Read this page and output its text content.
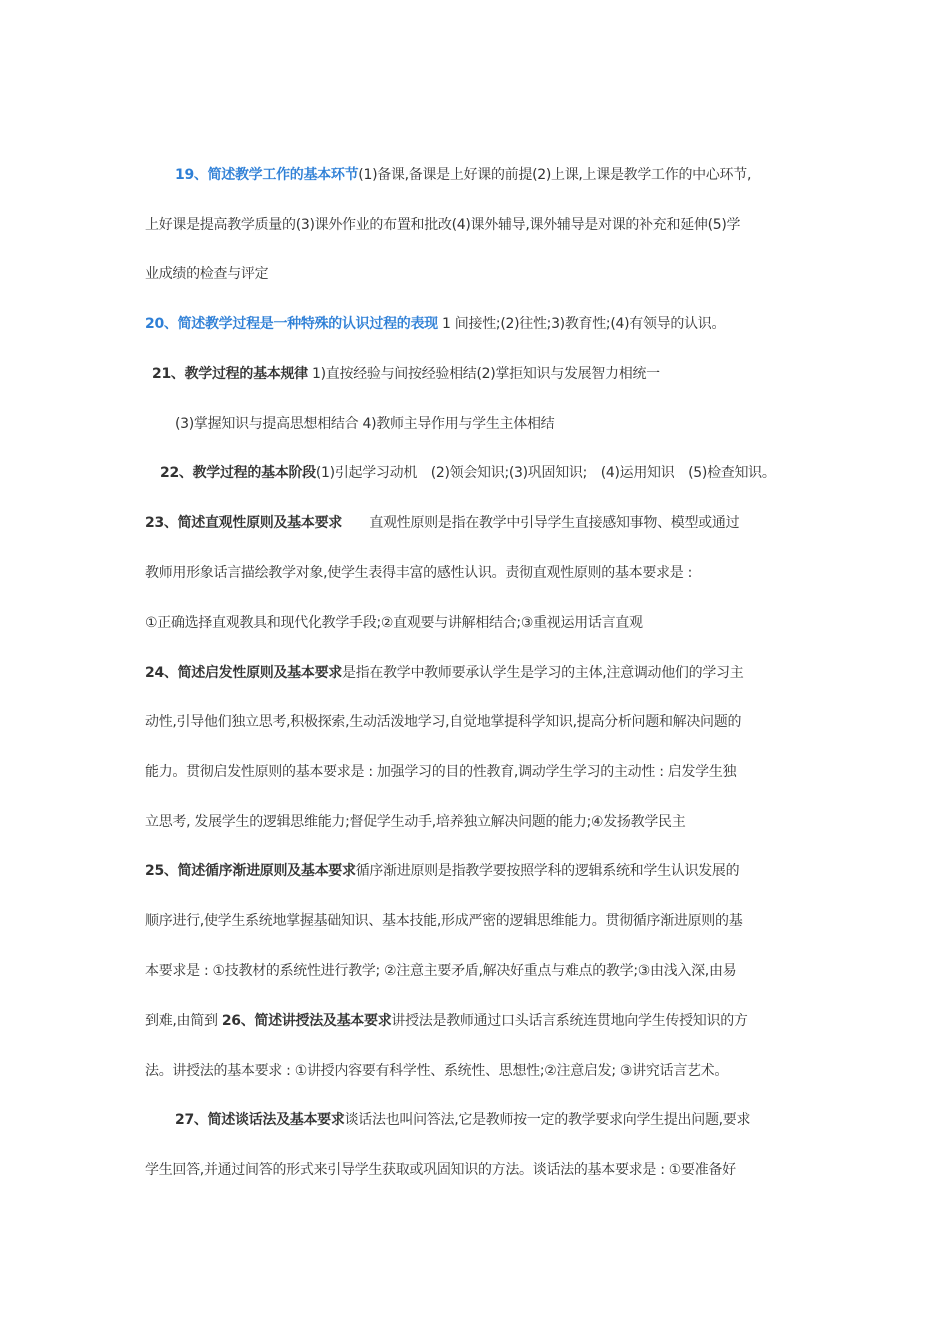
19、简述教学工作的基本环节(1)备课,备课是上好课的前提(2)上课,上课是教学工作的中心环节,
上好课是提高教学质量的(3)课外作业的布置和批改(4)课外辅导,课外辅导是对课的补充和延伸(5)学
业成绩的检查与评定
20、简述教学过程是一种特殊的认识过程的表现 1 间接性;(2)往性;3)教育性;(4)有领导的认识。
21、教学过程的基本规律 1)直按经验与间按经验相结(2)掌拒知识与发展智力相统一
(3)掌握知识与提高思想相结合 4)教师主导作用与学生主体相结
22、教学过程的基本阶段(1)引起学习动机　(2)领会知识;(3)巩固知识;　(4)运用知识　(5)检查知识。
23、简述直观性原则及基本要求　　直观性原则是指在教学中引导学生直接感知事物、模型或通过
教师用形象话言描绘教学对象,使学生表得丰富的感性认识。责彻直观性原则的基本要求是 :
①正确选择直观教具和现代化教学手段;②直观要与讲解相结合;③重视运用话言直观
24、简述启发性原则及基本要求是指在教学中教师要承认学生是学习的主体,注意调动他们的学习主
动性,引导他们独立思考,积极探索,生动活泼地学习,自觉地掌提科学知识,提高分析问题和解决问题的
能力。贯彻启发性原则的基本要求是 : 加强学习的目的性教育,调动学生学习的主动性 : 启发学生独
立思考, 发展学生的逻辑思维能力;督促学生动手,培养独立解决问题的能力;④发扬教学民主
25、简述循序渐进原则及基本要求循序渐进原则是指教学要按照学科的逻辑系统和学生认识发展的
顺序进行,使学生系统地掌握基础知识、基本技能,形成严密的逻辑思维能力。贯彻循序渐进原则的基
本要求是 : ①技教材的系统性进行教学; ②注意主要矛盾,解决好重点与难点的教学;③由浅入深,由易
到难,由简到 26、简述讲授法及基本要求讲授法是教师通过口头话言系统连贯地向学生传授知识的方
法。讲授法的基本要求 : ①讲授内容要有科学性、系统性、思想性;②注意启发; ③讲究话言艺术。
27、简述谈话法及基本要求谈话法也叫问答法,它是教师按一定的教学要求向学生提出问题,要求
学生回答,并通过间答的形式来引导学生获取或巩固知识的方法。谈话法的基本要求是 : ①要准备好
